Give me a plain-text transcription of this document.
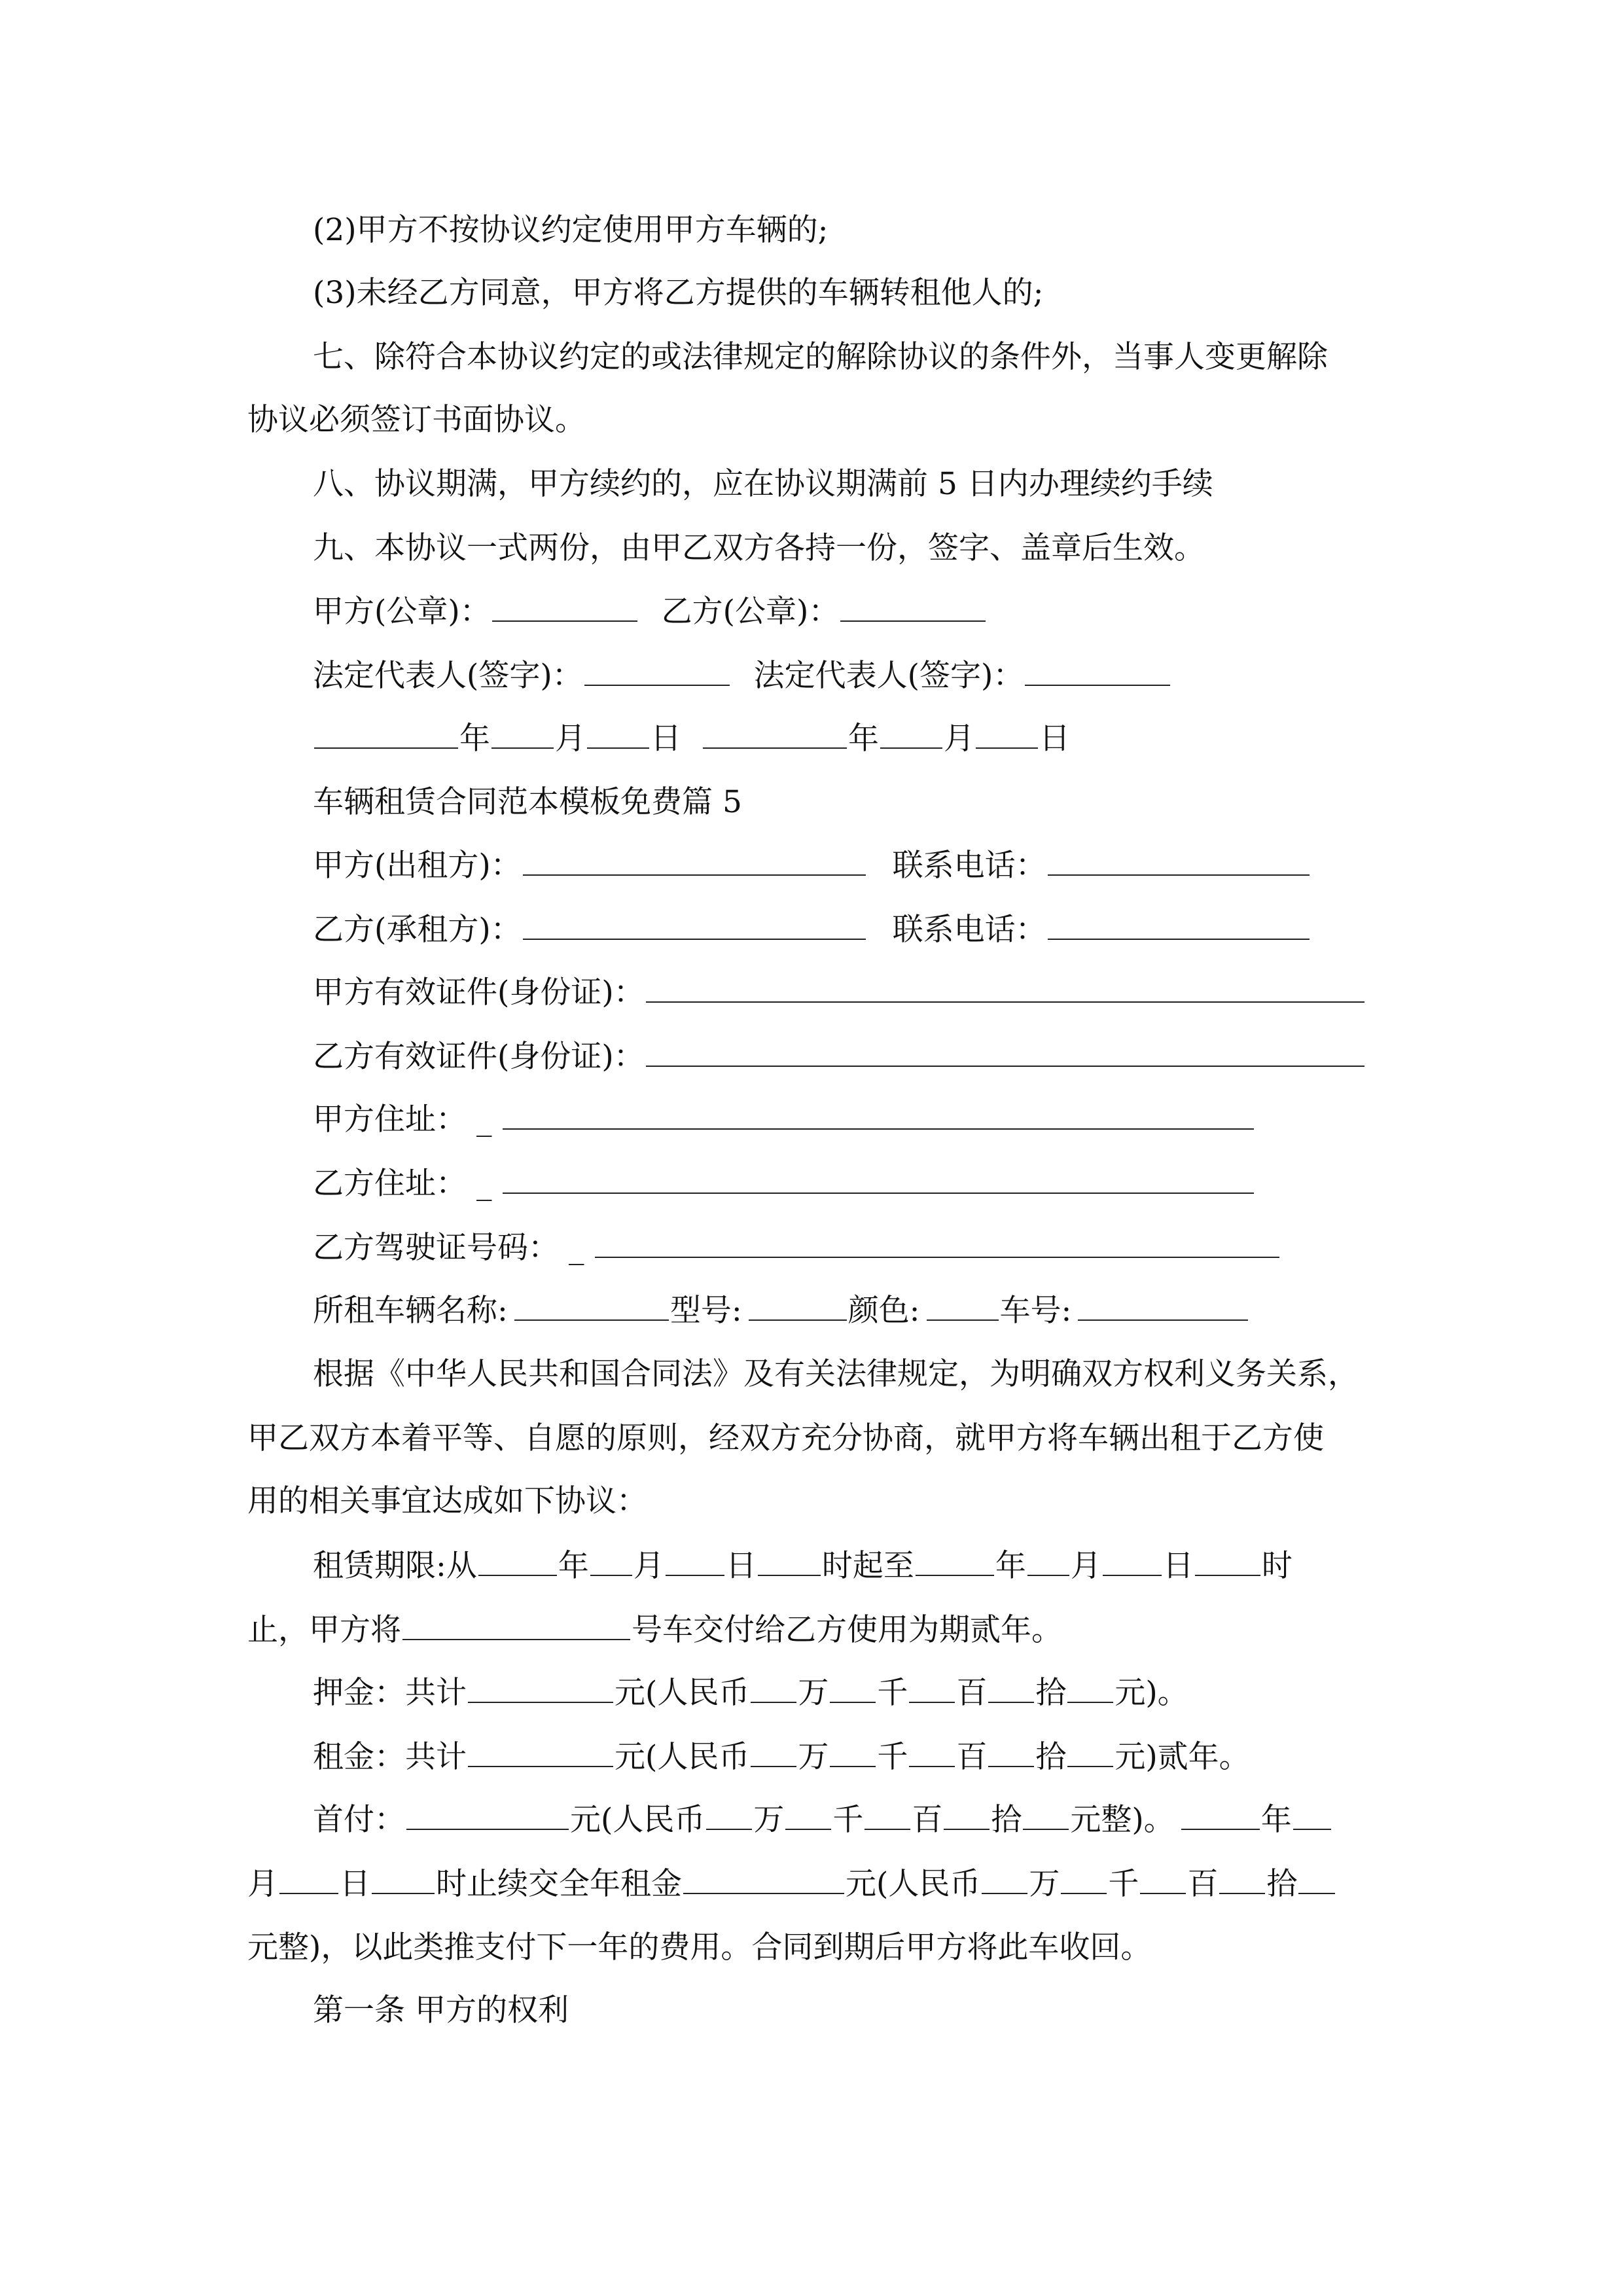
(2)甲方不按协议约定使用甲方车辆的;
(3)未经乙方同意，甲方将乙方提供的车辆转租他人的;
七、除符合本协议约定的或法律规定的解除协议的条件外，当事人变更解除
协议必须签订书面协议。
八、协议期满，甲方续约的，应在协议期满前 5 日内办理续约手续
九、本协议一式两份，由甲乙双方各持一份，签字、盖章后生效。
甲方(公章)：	乙方(公章)：
法定代表人(签字)：	法定代表人(签字)：
年 月 日	年 月 日
车辆租赁合同范本模板免费篇 5
甲方(出租方)：	联系电话：
乙方(承租方)：	联系电话：
甲方有效证件(身份证)：
乙方有效证件(身份证)：
甲方住址： _
乙方住址： _
乙方驾驶证号码： _
所租车辆名称:	型号:	颜色:	车号:
根据《中华人民共和国合同法》及有关法律规定，为明确双方权利义务关系，
甲乙双方本着平等、自愿的原则，经双方充分协商，就甲方将车辆出租于乙方使
用的相关事宜达成如下协议：
租赁期限:从	年 月 日 时起至	年 月 日 时
止，甲方将	号车交付给乙方使用为期贰年。
押金：共计	元(人民币 万 千 百 拾 元)。
租金：共计	元(人民币 万 千 百 拾 元)贰年。
首付：	元(人民币 万 千 百 拾 元整)。	年
月 日 时止续交全年租金	元(人民币 万 千 百 拾
元整)，以此类推支付下一年的费用。合同到期后甲方将此车收回。
第一条 甲方的权利
